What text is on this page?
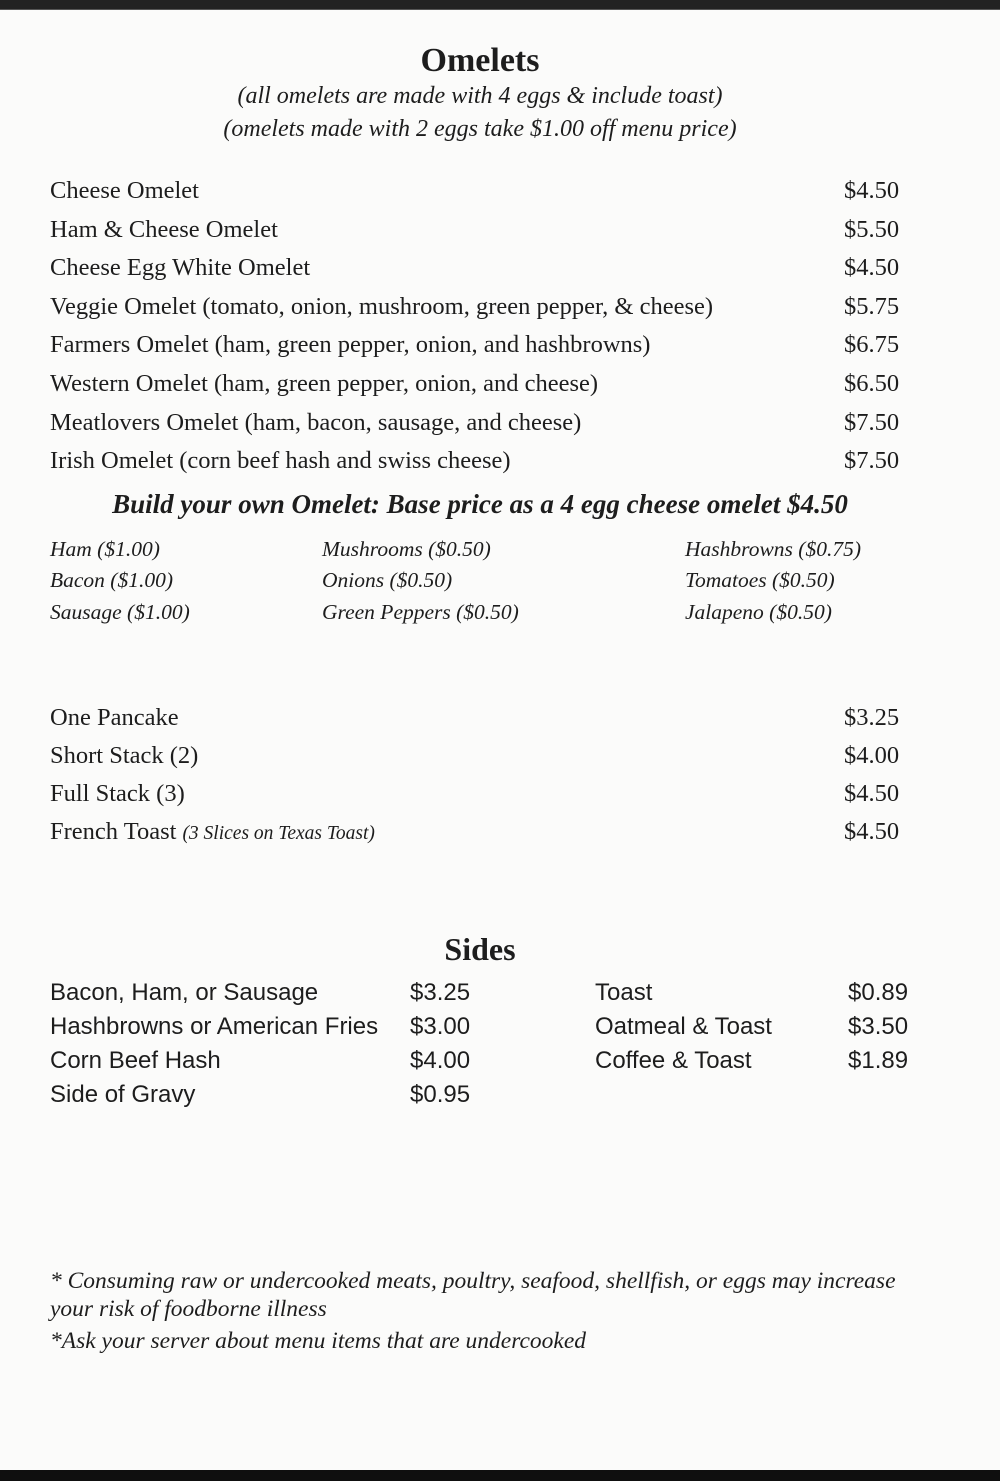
Omelets

(all omelets are made with 4 eggs & include toast)

(omelets made with 2 eggs take $1.00 off menu price)

Cheese Omelet	$4.50
Ham & Cheese Omelet	$5.50
Cheese Egg White Omelet	$4.50
Veggie Omelet (tomato, onion, mushroom, green pepper, & cheese)	$5.75
Farmers Omelet (ham, green pepper, onion, and hashbrowns)	$6.75
Western Omelet (ham, green pepper, onion, and cheese)	$6.50
Meatlovers Omelet (ham, bacon, sausage, and cheese)	$7.50
Irish Omelet (corn beef hash and swiss cheese)	$7.50
Build your own Omelet: Base price as a 4 egg cheese omelet $4.50
Ham ($1.00)
Bacon ($1.00)
Sausage ($1.00)
Mushrooms ($0.50)
Onions ($0.50)
Green Peppers ($0.50)
Hashbrowns ($0.75)
Tomatoes ($0.50)
Jalapeno ($0.50)
One Pancake	$3.25
Short Stack (2)	$4.00
Full Stack (3)	$4.50
French Toast (3 Slices on Texas Toast)	$4.50
Sides
Bacon, Ham, or Sausage	$3.25	Toast	$0.89
Hashbrowns or American Fries	$3.00	Oatmeal & Toast	$3.50
Corn Beef Hash	$4.00	Coffee & Toast	$1.89
Side of Gravy	$0.95
* Consuming raw or undercooked meats, poultry, seafood, shellfish, or eggs may increase
your risk of foodborne illness
*Ask your server about menu items that are undercooked
